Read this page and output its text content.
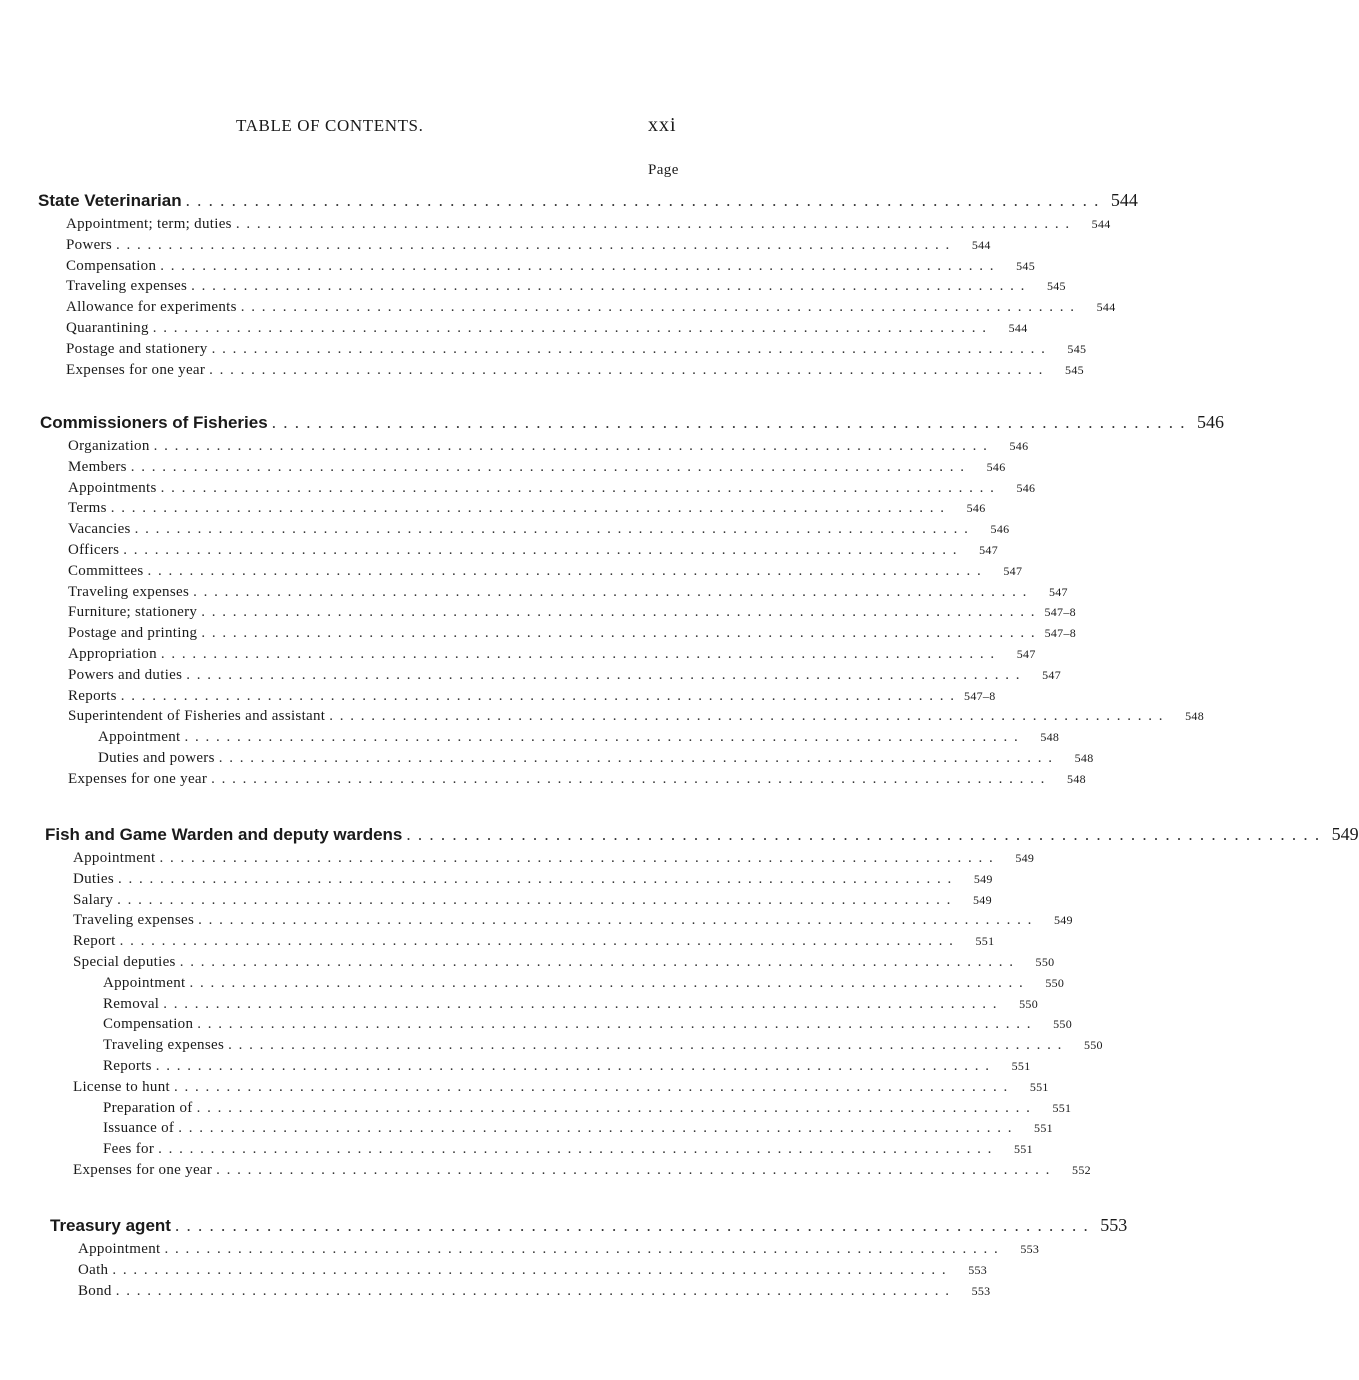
TABLE OF CONTENTS.	xxi
Page
State Veterinarian . . . . . . . . . . . . . . . . . . . . . . . . . . . . . . . . . . . . . . . . . . . . . . . . . . . . . . . . . . . . . . . . . . . . . . . . . . . . . . . . 544
Appointment; term; duties . . . . . . . . . . . . . . . . . . . . . . . . . . . . . . . . . . . . . . . . . . . . . . . . . . . . . . . . . . . . . . . . . . . . . . . . . . . . . . . .	544
Powers . . . . . . . . . . . . . . . . . . . . . . . . . . . . . . . . . . . . . . . . . . . . . . . . . . . . . . . . . . . . . . . . . . . . . . . . . . . . . . . .	544
Compensation . . . . . . . . . . . . . . . . . . . . . . . . . . . . . . . . . . . . . . . . . . . . . . . . . . . . . . . . . . . . . . . . . . . . . . . . . . . . . . . .	545
Traveling expenses . . . . . . . . . . . . . . . . . . . . . . . . . . . . . . . . . . . . . . . . . . . . . . . . . . . . . . . . . . . . . . . . . . . . . . . . . . . . . . . .	545
Allowance for experiments . . . . . . . . . . . . . . . . . . . . . . . . . . . . . . . . . . . . . . . . . . . . . . . . . . . . . . . . . . . . . . . . . . . . . . . . . . . . . . . .	544
Quarantining . . . . . . . . . . . . . . . . . . . . . . . . . . . . . . . . . . . . . . . . . . . . . . . . . . . . . . . . . . . . . . . . . . . . . . . . . . . . . . . .	544
Postage and stationery . . . . . . . . . . . . . . . . . . . . . . . . . . . . . . . . . . . . . . . . . . . . . . . . . . . . . . . . . . . . . . . . . . . . . . . . . . . . . . . .	545
Expenses for one year . . . . . . . . . . . . . . . . . . . . . . . . . . . . . . . . . . . . . . . . . . . . . . . . . . . . . . . . . . . . . . . . . . . . . . . . . . . . . . . .	545
Commissioners of Fisheries . . . . . . . . . . . . . . . . . . . . . . . . . . . . . . . . . . . . . . . . . . . . . . . . . . . . . . . . . . . . . . . . . . . . . . . . . . . . . . . . 546
Organization . . . . . . . . . . . . . . . . . . . . . . . . . . . . . . . . . . . . . . . . . . . . . . . . . . . . . . . . . . . . . . . . . . . . . . . . . . . . . . . .	546
Members . . . . . . . . . . . . . . . . . . . . . . . . . . . . . . . . . . . . . . . . . . . . . . . . . . . . . . . . . . . . . . . . . . . . . . . . . . . . . . . .	546
Appointments . . . . . . . . . . . . . . . . . . . . . . . . . . . . . . . . . . . . . . . . . . . . . . . . . . . . . . . . . . . . . . . . . . . . . . . . . . . . . . . .	546
Terms . . . . . . . . . . . . . . . . . . . . . . . . . . . . . . . . . . . . . . . . . . . . . . . . . . . . . . . . . . . . . . . . . . . . . . . . . . . . . . . .	546
Vacancies . . . . . . . . . . . . . . . . . . . . . . . . . . . . . . . . . . . . . . . . . . . . . . . . . . . . . . . . . . . . . . . . . . . . . . . . . . . . . . . .	546
Officers . . . . . . . . . . . . . . . . . . . . . . . . . . . . . . . . . . . . . . . . . . . . . . . . . . . . . . . . . . . . . . . . . . . . . . . . . . . . . . . .	547
Committees . . . . . . . . . . . . . . . . . . . . . . . . . . . . . . . . . . . . . . . . . . . . . . . . . . . . . . . . . . . . . . . . . . . . . . . . . . . . . . . .	547
Traveling expenses . . . . . . . . . . . . . . . . . . . . . . . . . . . . . . . . . . . . . . . . . . . . . . . . . . . . . . . . . . . . . . . . . . . . . . . . . . . . . . . .	547
Furniture; stationery . . . . . . . . . . . . . . . . . . . . . . . . . . . . . . . . . . . . . . . . . . . . . . . . . . . . . . . . . . . . . . . . . . . . . . . . . . . . . . . . 547–8
Postage and printing . . . . . . . . . . . . . . . . . . . . . . . . . . . . . . . . . . . . . . . . . . . . . . . . . . . . . . . . . . . . . . . . . . . . . . . . . . . . . . . . 547–8
Appropriation . . . . . . . . . . . . . . . . . . . . . . . . . . . . . . . . . . . . . . . . . . . . . . . . . . . . . . . . . . . . . . . . . . . . . . . . . . . . . . . .	547
Powers and duties . . . . . . . . . . . . . . . . . . . . . . . . . . . . . . . . . . . . . . . . . . . . . . . . . . . . . . . . . . . . . . . . . . . . . . . . . . . . . . . .	547
Reports . . . . . . . . . . . . . . . . . . . . . . . . . . . . . . . . . . . . . . . . . . . . . . . . . . . . . . . . . . . . . . . . . . . . . . . . . . . . . . . . 547–8
Superintendent of Fisheries and assistant . . . . . . . . . . . . . . . . . . . . . . . . . . . . . . . . . . . . . . . . . . . . . . . . . . . . . . . . . . . . . . . . . . . . . . . . . . . . . . . .	548
Appointment . . . . . . . . . . . . . . . . . . . . . . . . . . . . . . . . . . . . . . . . . . . . . . . . . . . . . . . . . . . . . . . . . . . . . . . . . . . . . . . .	548
Duties and powers . . . . . . . . . . . . . . . . . . . . . . . . . . . . . . . . . . . . . . . . . . . . . . . . . . . . . . . . . . . . . . . . . . . . . . . . . . . . . . . .	548
Expenses for one year . . . . . . . . . . . . . . . . . . . . . . . . . . . . . . . . . . . . . . . . . . . . . . . . . . . . . . . . . . . . . . . . . . . . . . . . . . . . . . . .	548
Fish and Game Warden and deputy wardens . . . . . . . . . . . . . . . . . . . . . . . . . . . . . . . . . . . . . . . . . . . . . . . . . . . . . . . . . . . . . . . . . . . . . . . . . . . . . . . . 549
Appointment . . . . . . . . . . . . . . . . . . . . . . . . . . . . . . . . . . . . . . . . . . . . . . . . . . . . . . . . . . . . . . . . . . . . . . . . . . . . . . . .	549
Duties . . . . . . . . . . . . . . . . . . . . . . . . . . . . . . . . . . . . . . . . . . . . . . . . . . . . . . . . . . . . . . . . . . . . . . . . . . . . . . . .	549
Salary . . . . . . . . . . . . . . . . . . . . . . . . . . . . . . . . . . . . . . . . . . . . . . . . . . . . . . . . . . . . . . . . . . . . . . . . . . . . . . . .	549
Traveling expenses . . . . . . . . . . . . . . . . . . . . . . . . . . . . . . . . . . . . . . . . . . . . . . . . . . . . . . . . . . . . . . . . . . . . . . . . . . . . . . . .	549
Report . . . . . . . . . . . . . . . . . . . . . . . . . . . . . . . . . . . . . . . . . . . . . . . . . . . . . . . . . . . . . . . . . . . . . . . . . . . . . . . .	551
Special deputies . . . . . . . . . . . . . . . . . . . . . . . . . . . . . . . . . . . . . . . . . . . . . . . . . . . . . . . . . . . . . . . . . . . . . . . . . . . . . . . .	550
Appointment . . . . . . . . . . . . . . . . . . . . . . . . . . . . . . . . . . . . . . . . . . . . . . . . . . . . . . . . . . . . . . . . . . . . . . . . . . . . . . . .	550
Removal . . . . . . . . . . . . . . . . . . . . . . . . . . . . . . . . . . . . . . . . . . . . . . . . . . . . . . . . . . . . . . . . . . . . . . . . . . . . . . . .	550
Compensation . . . . . . . . . . . . . . . . . . . . . . . . . . . . . . . . . . . . . . . . . . . . . . . . . . . . . . . . . . . . . . . . . . . . . . . . . . . . . . . .	550
Traveling expenses . . . . . . . . . . . . . . . . . . . . . . . . . . . . . . . . . . . . . . . . . . . . . . . . . . . . . . . . . . . . . . . . . . . . . . . . . . . . . . . .	550
Reports . . . . . . . . . . . . . . . . . . . . . . . . . . . . . . . . . . . . . . . . . . . . . . . . . . . . . . . . . . . . . . . . . . . . . . . . . . . . . . . .	551
License to hunt . . . . . . . . . . . . . . . . . . . . . . . . . . . . . . . . . . . . . . . . . . . . . . . . . . . . . . . . . . . . . . . . . . . . . . . . . . . . . . . .	551
Preparation of . . . . . . . . . . . . . . . . . . . . . . . . . . . . . . . . . . . . . . . . . . . . . . . . . . . . . . . . . . . . . . . . . . . . . . . . . . . . . . . .	551
Issuance of . . . . . . . . . . . . . . . . . . . . . . . . . . . . . . . . . . . . . . . . . . . . . . . . . . . . . . . . . . . . . . . . . . . . . . . . . . . . . . . .	551
Fees for . . . . . . . . . . . . . . . . . . . . . . . . . . . . . . . . . . . . . . . . . . . . . . . . . . . . . . . . . . . . . . . . . . . . . . . . . . . . . . . .	551
Expenses for one year . . . . . . . . . . . . . . . . . . . . . . . . . . . . . . . . . . . . . . . . . . . . . . . . . . . . . . . . . . . . . . . . . . . . . . . . . . . . . . . .	552
Treasury agent . . . . . . . . . . . . . . . . . . . . . . . . . . . . . . . . . . . . . . . . . . . . . . . . . . . . . . . . . . . . . . . . . . . . . . . . . . . . . . . . 553
Appointment . . . . . . . . . . . . . . . . . . . . . . . . . . . . . . . . . . . . . . . . . . . . . . . . . . . . . . . . . . . . . . . . . . . . . . . . . . . . . . . .	553
Oath . . . . . . . . . . . . . . . . . . . . . . . . . . . . . . . . . . . . . . . . . . . . . . . . . . . . . . . . . . . . . . . . . . . . . . . . . . . . . . . .	553
Bond . . . . . . . . . . . . . . . . . . . . . . . . . . . . . . . . . . . . . . . . . . . . . . . . . . . . . . . . . . . . . . . . . . . . . . . . . . . . . . . .	553
